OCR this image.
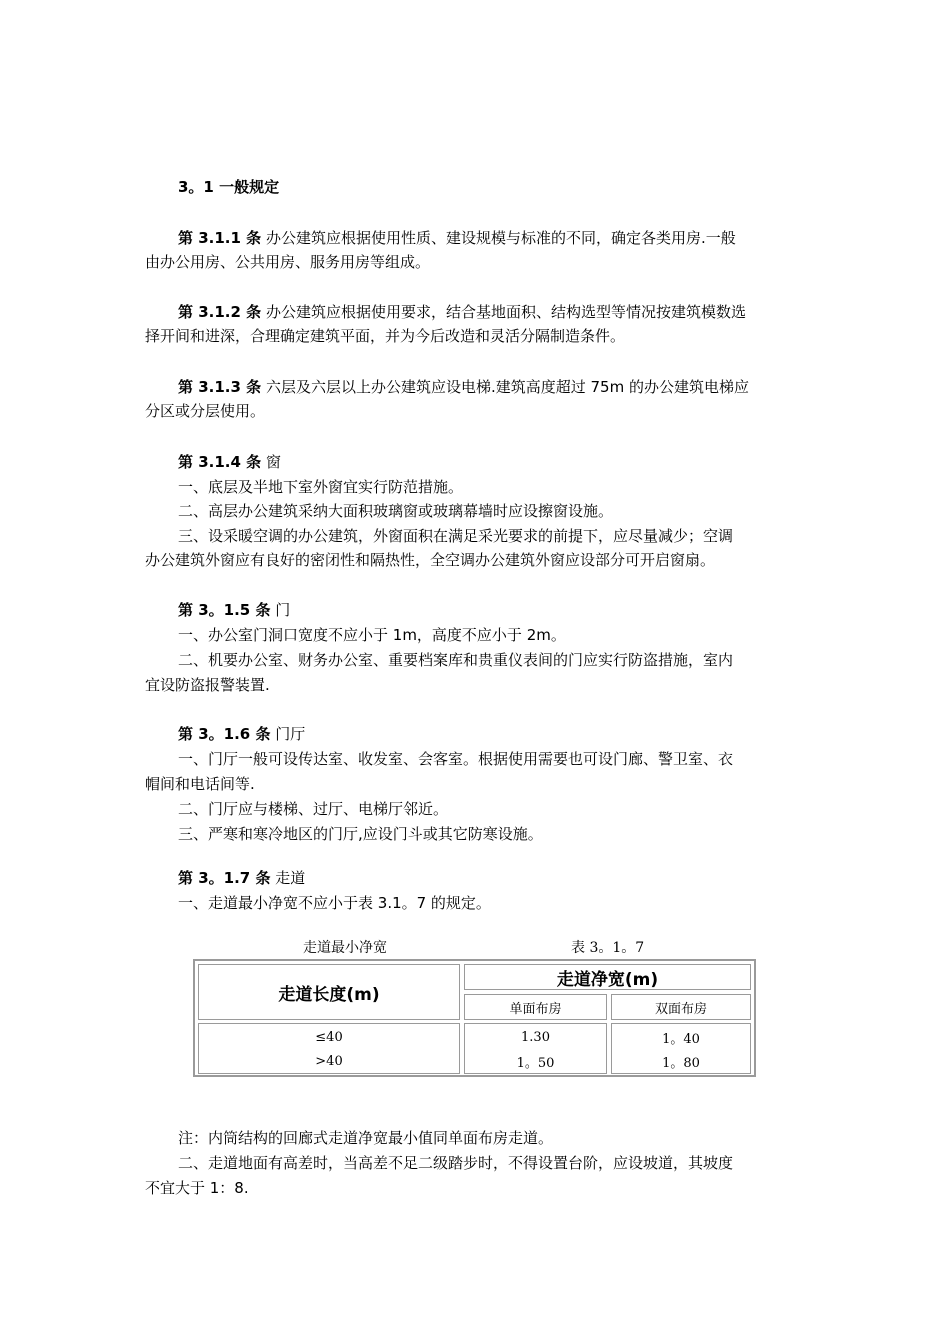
3。1 一般规定
第 3.1.1 条 办公建筑应根据使用性质、建设规模与标准的不同，确定各类用房.一般
由办公用房、公共用房、服务用房等组成。
第 3.1.2 条 办公建筑应根据使用要求，结合基地面积、结构选型等情况按建筑模数选
择开间和进深，合理确定建筑平面，并为今后改造和灵活分隔制造条件。
第 3.1.3 条 六层及六层以上办公建筑应设电梯.建筑高度超过 75m 的办公建筑电梯应
分区或分层使用。
第 3.1.4 条 窗
一、底层及半地下室外窗宜实行防范措施。
二、高层办公建筑采纳大面积玻璃窗或玻璃幕墙时应设擦窗设施。
三、设采暖空调的办公建筑，外窗面积在满足采光要求的前提下，应尽量减少；空调
办公建筑外窗应有良好的密闭性和隔热性，全空调办公建筑外窗应设部分可开启窗扇。
第 3。1.5 条 门
一、办公室门洞口宽度不应小于 1m，高度不应小于 2m。
二、机要办公室、财务办公室、重要档案库和贵重仪表间的门应实行防盗措施，室内
宜设防盗报警装置.
第 3。1.6 条 门厅
一、门厅一般可设传达室、收发室、会客室。根据使用需要也可设门廊、警卫室、衣
帽间和电话间等.
二、门厅应与楼梯、过厅、电梯厅邻近。
三、严寒和寒冷地区的门厅,应设门斗或其它防寒设施。
第 3。1.7 条 走道
一、走道最小净宽不应小于表 3.1。7 的规定。
注：内筒结构的回廊式走道净宽最小值同单面布房走道。
二、走道地面有高差时，当高差不足二级踏步时，不得设置台阶，应设坡道，其坡度
不宜大于 1：8.
走道最小净宽	表 3。1。7
走道长度(m)
走道净宽(m)
单面布房	双面布房
≤40	1.30	1。40
>40	1。50	1。80
